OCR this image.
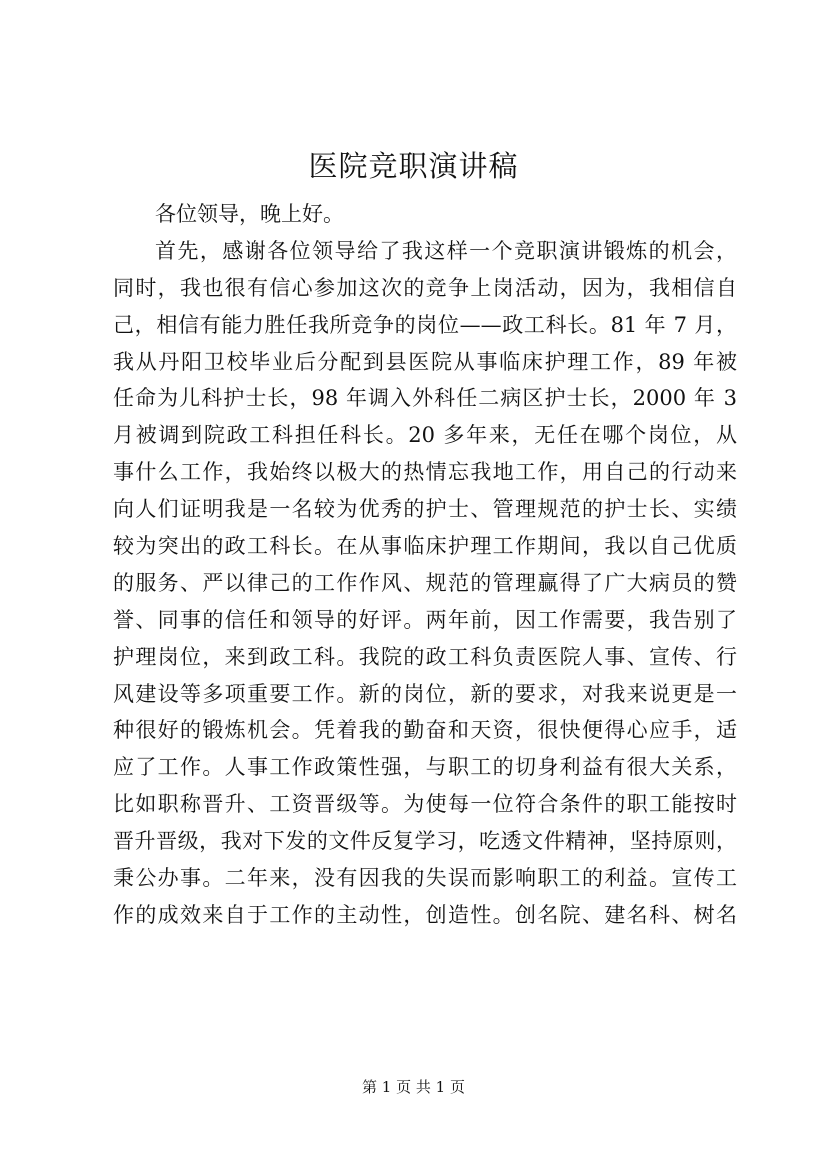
医院竞职演讲稿
各位领导，晚上好。
首先，感谢各位领导给了我这样一个竞职演讲锻炼的机会，
同时，我也很有信心参加这次的竞争上岗活动，因为，我相信自
己，相信有能力胜任我所竞争的岗位——政工科长。81 年 7 月，
我从丹阳卫校毕业后分配到县医院从事临床护理工作，89 年被
任命为儿科护士长，98 年调入外科任二病区护士长，2000 年 3
月被调到院政工科担任科长。20 多年来，无任在哪个岗位，从
事什么工作，我始终以极大的热情忘我地工作，用自己的行动来
向人们证明我是一名较为优秀的护士、管理规范的护士长、实绩
较为突出的政工科长。在从事临床护理工作期间，我以自己优质
的服务、严以律己的工作作风、规范的管理赢得了广大病员的赞
誉、同事的信任和领导的好评。两年前，因工作需要，我告别了
护理岗位，来到政工科。我院的政工科负责医院人事、宣传、行
风建设等多项重要工作。新的岗位，新的要求，对我来说更是一
种很好的锻炼机会。凭着我的勤奋和天资，很快便得心应手，适
应了工作。人事工作政策性强，与职工的切身利益有很大关系，
比如职称晋升、工资晋级等。为使每一位符合条件的职工能按时
晋升晋级，我对下发的文件反复学习，吃透文件精神，坚持原则，
秉公办事。二年来，没有因我的失误而影响职工的利益。宣传工
作的成效来自于工作的主动性，创造性。创名院、建名科、树名
第 1 页 共 1 页
